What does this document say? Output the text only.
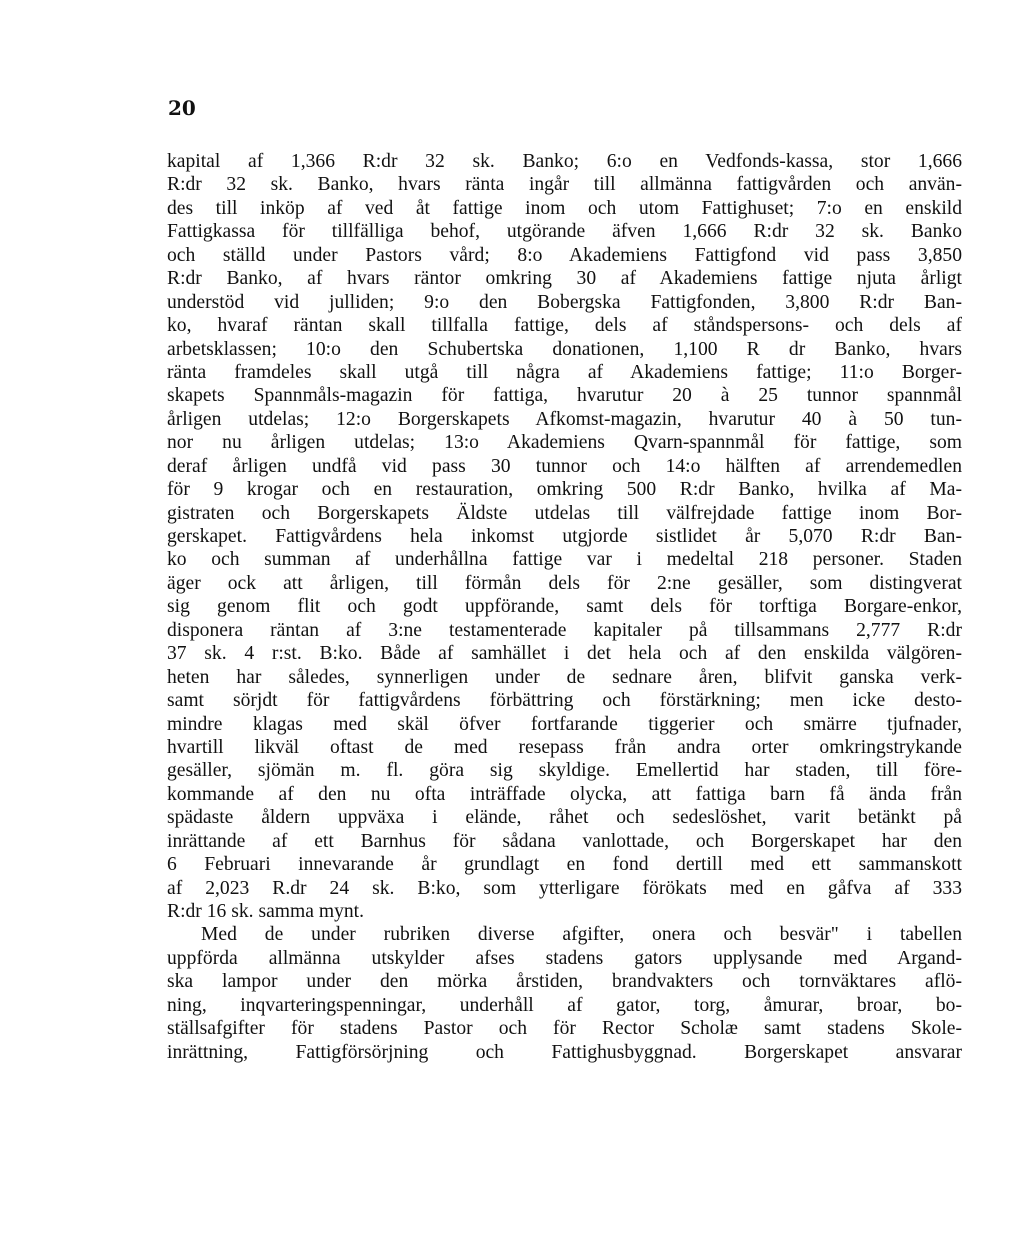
20
kapital af 1,366 R:dr 32 sk. Banko; 6:o en Vedfonds-kassa, stor 1,666
R:dr 32 sk. Banko, hvars ränta ingår till allmänna fattigvården och använ-
des till inköp af ved åt fattige inom och utom Fattighuset; 7:o en enskild
Fattigkassa för tillfälliga behof, utgörande äfven 1,666 R:dr 32 sk. Banko
och ställd under Pastors vård; 8:o Akademiens Fattigfond vid pass 3,850
R:dr Banko, af hvars räntor omkring 30 af Akademiens fattige njuta årligt
understöd vid julliden; 9:o den Bobergska Fattigfonden, 3,800 R:dr Ban-
ko, hvaraf räntan skall tillfalla fattige, dels af ståndspersons- och dels af
arbetsklassen; 10:o den Schubertska donationen, 1,100 R dr Banko, hvars
ränta framdeles skall utgå till några af Akademiens fattige; 11:o Borger-
skapets Spannmåls-magazin för fattiga, hvarutur 20 à 25 tunnor spannmål
årligen utdelas; 12:o Borgerskapets Afkomst-magazin, hvarutur 40 à 50 tun-
nor nu årligen utdelas; 13:o Akademiens Qvarn-spannmål för fattige, som
deraf årligen undfå vid pass 30 tunnor och 14:o hälften af arrendemedlen
för 9 krogar och en restauration, omkring 500 R:dr Banko, hvilka af Ma-
gistraten och Borgerskapets Äldste utdelas till välfrejdade fattige inom Bor-
gerskapet. Fattigvårdens hela inkomst utgjorde sistlidet år 5,070 R:dr Ban-
ko och summan af underhållna fattige var i medeltal 218 personer. Staden
äger ock att årligen, till förmån dels för 2:ne gesäller, som distingverat
sig genom flit och godt uppförande, samt dels för torftiga Borgare-enkor,
disponera räntan af 3:ne testamenterade kapitaler på tillsammans 2,777 R:dr
37 sk. 4 r:st. B:ko. Både af samhället i det hela och af den enskilda välgören-
heten har således, synnerligen under de sednare åren, blifvit ganska verk-
samt sörjdt för fattigvårdens förbättring och förstärkning; men icke desto-
mindre klagas med skäl öfver fortfarande tiggerier och smärre tjufnader,
hvartill likväl oftast de med resepass från andra orter omkringstrykande
gesäller, sjömän m. fl. göra sig skyldige. Emellertid har staden, till före-
kommande af den nu ofta inträffade olycka, att fattiga barn få ända från
spädaste åldern uppväxa i elände, råhet och sedeslöshet, varit betänkt på
inrättande af ett Barnhus för sådana vanlottade, och Borgerskapet har den
6 Februari innevarande år grundlagt en fond dertill med ett sammanskott
af 2,023 R.dr 24 sk. B:ko, som ytterligare förökats med en gåfva af 333
R:dr 16 sk. samma mynt.
Med de under rubriken diverse afgifter, onera och besvär" i tabellen
uppförda allmänna utskylder afses stadens gators upplysande med Argand-
ska lampor under den mörka årstiden, brandvakters och tornväktares aflö-
ning, inqvarteringspenningar, underhåll af gator, torg, åmurar, broar, bo-
ställsafgifter för stadens Pastor och för Rector Scholæ samt stadens Skole-
inrättning, Fattigförsörjning och Fattighusbyggnad. Borgerskapet ansvarar
